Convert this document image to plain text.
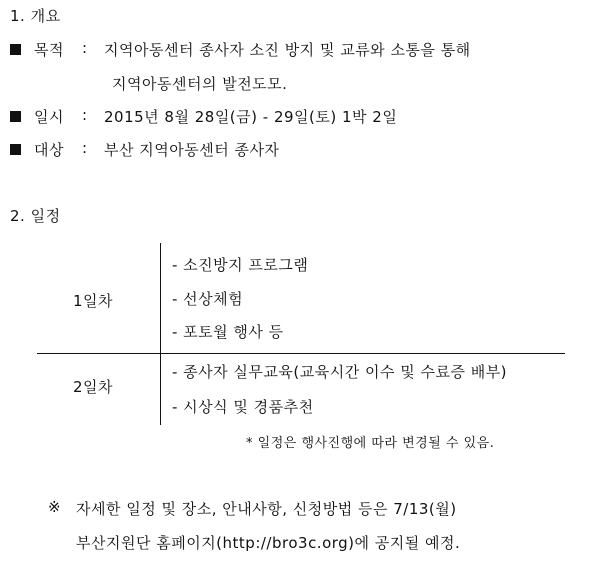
1. 개요
목적 : 지역아동센터 종사자 소진 방지 및 교류와 소통을 통해
지역아동센터의 발전도모.
일시 : 2015년 8월 28일(금) - 29일(토) 1박 2일
대상 : 부산 지역아동센터 종사자
2. 일정
1일차
- 소진방지 프로그램
- 선상체험
- 포토월 행사 등
2일차
- 종사자 실무교육(교육시간 이수 및 수료증 배부)
- 시상식 및 경품추천
* 일정은 행사진행에 따라 변경될 수 있음.
※ 자세한 일정 및 장소, 안내사항, 신청방법 등은 7/13(월)
부산지원단 홈페이지(http://bro3c.org)에 공지될 예정.
